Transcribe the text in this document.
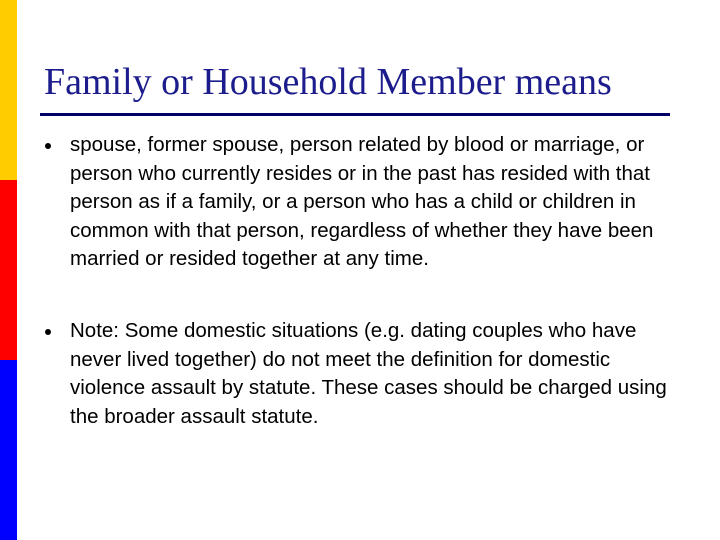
Family or Household Member means
spouse, former spouse, person related by blood or marriage, or person who currently resides or in the past has resided with that person as if a family, or a person who has a child or children in common with that person, regardless of whether they have been married or resided together at any time.
Note: Some domestic situations (e.g. dating couples who have never lived together) do not meet the definition for domestic violence assault by statute. These cases should be charged using the broader assault statute.
